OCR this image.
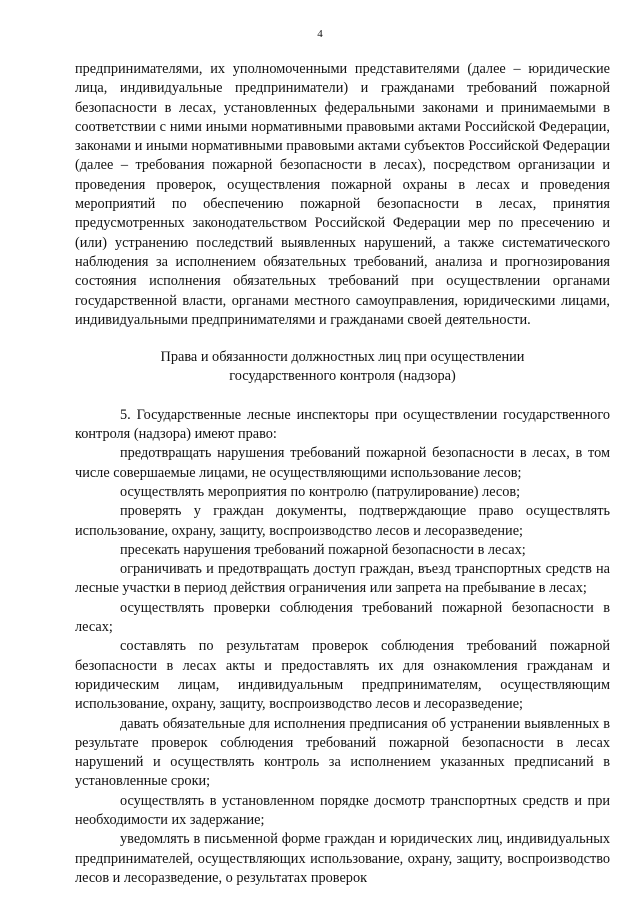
4

предпринимателями, их уполномоченными представителями (далее – юридические лица, индивидуальные предприниматели) и гражданами требований пожарной безопасности в лесах, установленных федеральными законами и принимаемыми в соответствии с ними иными нормативными правовыми актами Российской Федерации, законами и иными нормативными правовыми актами субъектов Российской Федерации (далее – требования пожарной безопасности в лесах), посредством организации и проведения проверок, осуществления пожарной охраны в лесах и проведения мероприятий по обеспечению пожарной безопасности в лесах, принятия предусмотренных законодательством Российской Федерации мер по пресечению и (или) устранению последствий выявленных нарушений, а также систематического наблюдения за исполнением обязательных требований, анализа и прогнозирования состояния исполнения обязательных требований при осуществлении органами государственной власти, органами местного самоуправления, юридическими лицами, индивидуальными предпринимателями и гражданами своей деятельности.

Права и обязанности должностных лиц при осуществлении
государственного контроля (надзора)

5. Государственные лесные инспекторы при осуществлении государственного контроля (надзора) имеют право:

предотвращать нарушения требований пожарной безопасности в лесах, в том числе совершаемые лицами, не осуществляющими использование лесов;

осуществлять мероприятия по контролю (патрулирование) лесов;

проверять у граждан документы, подтверждающие право осуществлять использование, охрану, защиту, воспроизводство лесов и лесоразведение;

пресекать нарушения требований пожарной безопасности в лесах;

ограничивать и предотвращать доступ граждан, въезд транспортных средств на лесные участки в период действия ограничения или запрета на пребывание в лесах;

осуществлять проверки соблюдения требований пожарной безопасности в лесах;

составлять по результатам проверок соблюдения требований пожарной безопасности в лесах акты и предоставлять их для ознакомления гражданам и юридическим лицам, индивидуальным предпринимателям, осуществляющим использование, охрану, защиту, воспроизводство лесов и лесоразведение;

давать обязательные для исполнения предписания об устранении выявленных в результате проверок соблюдения требований пожарной безопасности в лесах нарушений и осуществлять контроль за исполнением указанных предписаний в установленные сроки;

осуществлять в установленном порядке досмотр транспортных средств и при необходимости их задержание;

уведомлять в письменной форме граждан и юридических лиц, индивидуальных предпринимателей, осуществляющих использование, охрану, защиту, воспроизводство лесов и лесоразведение, о результатах проверок
